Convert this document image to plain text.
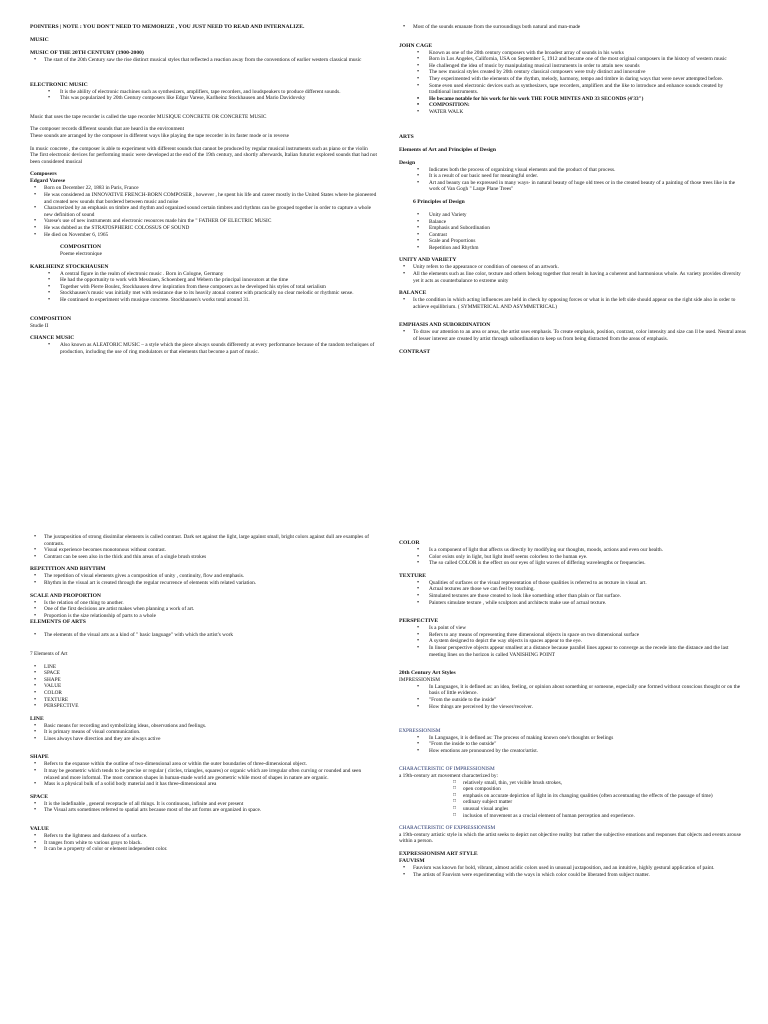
POINTERS | NOTE : YOU DON'T NEED TO MEMORIZE , YOU JUST NEED TO READ AND INTERNALIZE.
MUSIC
MUSIC OF THE 20TH CENTURY (1900-2000)
• The start of the 20th Century saw the rise distinct musical styles that reflected a reaction away from the conventions of earlier western classical music
ELECTRONIC MUSIC
• It is the ability of electronic machines such as synthesizers, amplifiers, tape recorders, and loudspeakers to produce different sounds.
• This was popularized by 20th Century composers like Edgar Varese, Karlheinz Stockhausen and Mario Davidovsky

Music that uses the tape recorder is called the tape recorder MUSIQUE CONCRETE OR CONCRETE MUSIC

The composer records different sounds that are heard in the environment

These sounds are arranged by the composer in different ways like playing the tape recorder in its faster mode or in reverse

In music concrete , the composer is able to experiment with different sounds that cannot be produced by regular musical instruments such as piano or the violin

The first electronic devices for performing music were developed at the end of the 19th century, and shortly afterwards, Italian futurist explored sounds that had not been considered musical

Composers
Edgard Varese
• Born on December 22, 1883 in Paris, France
• He was considered an INNOVATIVE FRENCH-BORN COMPOSER , however , he spent his life and career mostly in the United States where he pioneered and created new sounds that bordered between music and noise
• Characterized by an emphasis on timbre and rhythm and organized sound certain timbres and rhythms can be grouped together in order to capture a whole new definition of sound
• Varese's use of new instruments and electronic resources made him the " FATHER OF ELECTRIC MUSIC
• He was dubbed as the STRATOSPHERIC COLOSSUS OF SOUND
• He died on November 6, 1965
COMPOSITION

Poeme electronique

KARLHEINZ STOCKHAUSEN
• A central figure in the realm of electronic music . Born in Cologne, Germany
• He had the opportunity to work with Messiaen, Schoenberg and Webern the principal innovators at the time
• Together with Pierre Boulez, Stockhausen drew inspiration from these composers as he developed his styles of total serialism
• Stockhausen's music was initially met with resistance due to its heavily atonal content with practically no clear melodic or rhythmic sense.
• He continued to experiment with musique concrete. Stockhausen's works total around 31.
COMPOSITION

Studie II

CHANCE MUSIC
• Also known as ALEATORIC MUSIC – a style which the piece always sounds differently at every performance because of the random techniques of production, including the use of ring modulators or that elements that become a part of music.
• Most of the sounds emanate from the surroundings both natural and man-made
JOHN CAGE
• Known as one of the 20th century composers with the broadest array of sounds in his works
• Born in Los Angeles, California, USA on September 5, 1912 and became one of the most original composers in the history of western music
• He challenged the idea of music by manipulating musical instruments in order to attain new sounds
• The new musical styles created by 20th century classical composers were truly distinct and innovative
• They experimented with the elements of the rhythm, melody, harmony, tempo and timbre in daring ways that were never attempted before.
• Some even used electronic devices such as synthesizers, tape recorders, amplifiers and the like to introduce and enhance sounds created by traditional instruments.
• He became notable for his work for his work THE FOUR MINTES AND 33 SECONDS (4'33")
• COMPOSITION:
• WATER WALK
ARTS
Elements of Art and Principles of Design
Design
• Indicates both the process of organizing visual elements and the product of that process.
• It is a result of our basic need for meaningful order.
• Art and beauty can be expressed in many ways- in natural beauty of huge old trees or in the created beauty of a painting of those trees like in the work of Van Gogh " Large Plane Trees"
6 Principles of Design
• Unity and Variety
• Balance
• Emphasis and Subordination
• Contrast
• Scale and Proportions
• Repetition and Rhythm
UNITY AND VARIETY
• Unity refers to the appearance or condition of oneness of an artwork.
• All the elements such as line color, texture and others belong together that result in having a coherent and harmonious whole. As variety provides diversity yet it acts as counterbalance to extreme unity
BALANCE
• Is the condition in which acting influences are held in check by opposing forces or what is in the left side should appear on the right side also in order to achieve equilibrium. ( SYMMETRICAL AND ASYMMETRICAL)
EMPHASIS AND SUBORDINATION
• To draw our attention to an area or areas, the artist uses emphasis. To create emphasis, position, contrast, color intensity and size can ll be used. Neutral areas of lesser interest are created by artist through subordination to keep us from being distracted from the areas of emphasis.
CONTRAST
• The juxtaposition of strong dissimilar elements is called contrast. Dark set against the light, large against small, bright colors against dull are examples of contrasts.
• Visual experience becomes monotonous without contrast.
• Contrast can be seen also in the thick and thin areas of a single brush strokes
REPETITION AND RHYTHM
• The repetition of visual elements gives a composition of unity , continuity, flow and emphasis.
• Rhythm in the visual art is created through the regular recurrence of elements with related variation.
SCALE AND PROPORTION
• Is the relation of one thing to another.
• One of the first decisions are artist makes when planning a work of art.
• Proportion is the size relationship of parts to a whole
ELEMENTS OF ARTS
• The elements of the visual arts as a kind of " basic language" with which the artist's work

7 Elements of Art

• LINE
• SPACE
• SHAPE
• VALUE
• COLOR
• TEXTURE
• PERSPECTIVE
LINE
• Basic means for recording and symbolizing ideas, observations and feelings.
• It is primary means of visual communication.
• Lines always have direction and they are always active
SHAPE
• Refers to the expanse within the outline of two-dimensional area or within the outer boundaries of three-dimensional object.
• It may be geometric which tends to be precise or regular ( circles, triangles, squares) or organic which are irregular often curving or rounded and seen relaxed and more informal. The most common shapes in human-made world are geometric while most of shapes in nature are organic.
• Mass is a physical bulk of a solid body material and it has three-dimensional area
SPACE
• It is the indefinable , general receptacle of all things. It is continuous, infinite and ever present
• The Visual arts sometimes referred to spatial arts because most of the art forms are organized in space.
VALUE
• Refers to the lightness and darkness of a surface.
• It ranges from white to various grays to black.
• It can be a property of color or element independent color.
COLOR
• Is a component of light that affects us directly by modifying our thoughts, moods, actions and even our health.
• Color exists only in light, but light itself seems colorless to the human eye.
• The so called COLOR is the effect on our eyes of light waves of differing wavelengths or frequencies.
TEXTURE
• Qualities of surfaces or the visual representation of those qualities is referred to as texture in visual art.
• Actual textures are those we can feel by touching.
• Simulated textures are those created to look like something other than plain or flat surface.
• Painters simulate texture , while sculptors and architects make use of actual texture.
PERSPECTIVE
• Is a point of view
• Refers to any means of representing three dimensional objects in space on two dimensional surface
• A system designed to depict the way objects in spaces appear to the eye.
• In linear perspective objects appear smallest at a distance because parallel lines appear to converge as the recede into the distance and the last meeting lines on the horizon is called VANISHING POINT
20th Century Art Styles

IMPRESSIONISM

• In Languages, it is defined as: an idea, feeling, or opinion about something or someone, especially one formed without conscious thought or on the basis of little evidence.
• "From the outside to the inside"
• How things are perceived by the viewer/receiver.

EXPRESSIONISM

• In Languages, it is defined as: The process of making known one's thoughts or feelings
• "From the inside to the outside"
• How emotions are pronounced by the creator/artist.

CHARACTERISTIC OF IMPRESSIONISM

a 19th-century art movement characterized by:

□ relatively small, thin, yet visible brush strokes,
□ open composition
□ emphasis on accurate depiction of light in its changing qualities (often accentuating the effects of the passage of time)
□ ordinary subject matter
□ unusual visual angles
□ inclusion of movement as a crucial element of human perception and experience.

CHARACTERISTIC OF EXPRESSIONISM

a 19th-century artistic style in which the artist seeks to depict not objective reality but rather the subjective emotions and responses that objects and events arouse within a person.

EXPRESSIONISM ART STYLE
FAUVISM
• Fauvism was known for bold, vibrant, almost acidic colors used in unusual juxtaposition, and an intuitive, highly gestural application of paint.
• The artists of Fauvism were experimenting with the ways in which color could be liberated from subject matter.
